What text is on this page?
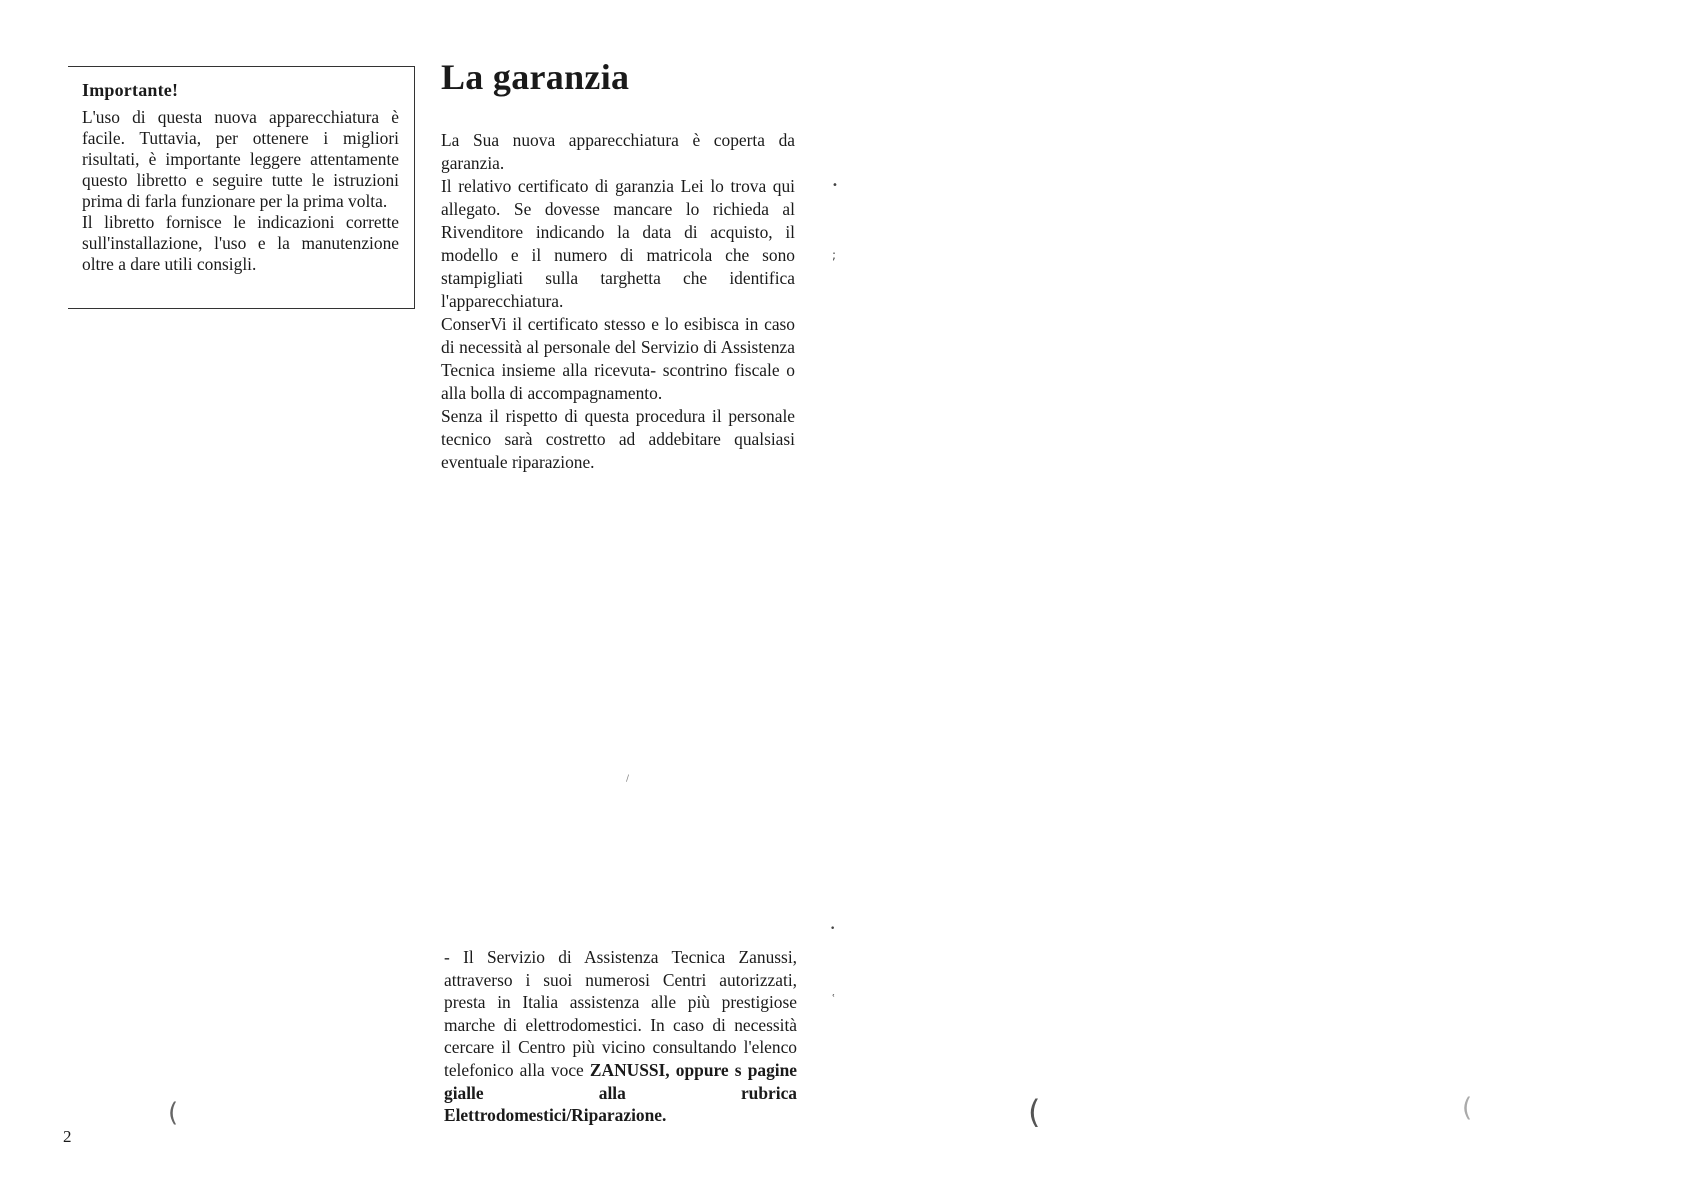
Importante!

L'uso di questa nuova apparecchiatura è facile. Tuttavia, per ottenere i migliori risultati, è importante leggere attentamente questo libretto e seguire tutte le istruzioni prima di farla funzionare per la prima volta.

Il libretto fornisce le indicazioni corrette sull'installazione, l'uso e la manutenzione oltre a dare utili consigli.

La garanzia

La Sua nuova apparecchiatura è coperta da garanzia.

Il relativo certificato di garanzia Lei lo trova qui allegato. Se dovesse mancare lo richieda al Rivenditore indicando la data di acquisto, il modello e il numero di matricola che sono stampigliati sulla targhetta che identifica l'apparecchiatura.

ConserVi il certificato stesso e lo esibisca in caso di necessità al personale del Servizio di Assistenza Tecnica insieme alla ricevuta- scontrino fiscale o alla bolla di accompagnamento.

Senza il rispetto di questa procedura il personale tecnico sarà costretto ad addebitare qualsiasi eventuale riparazione.

- Il Servizio di Assistenza Tecnica Zanussi, attraverso i suoi numerosi Centri autorizzati, presta in Italia assistenza alle più prestigiose marche di elettrodomestici. In caso di necessità cercare il Centro più vicino consultando l'elenco telefonico alla voce ZANUSSI, oppure s pagine gialle alla rubrica Elettrodomestici/Riparazione.

2
•
;
•
ʿ
(	(	(
/
